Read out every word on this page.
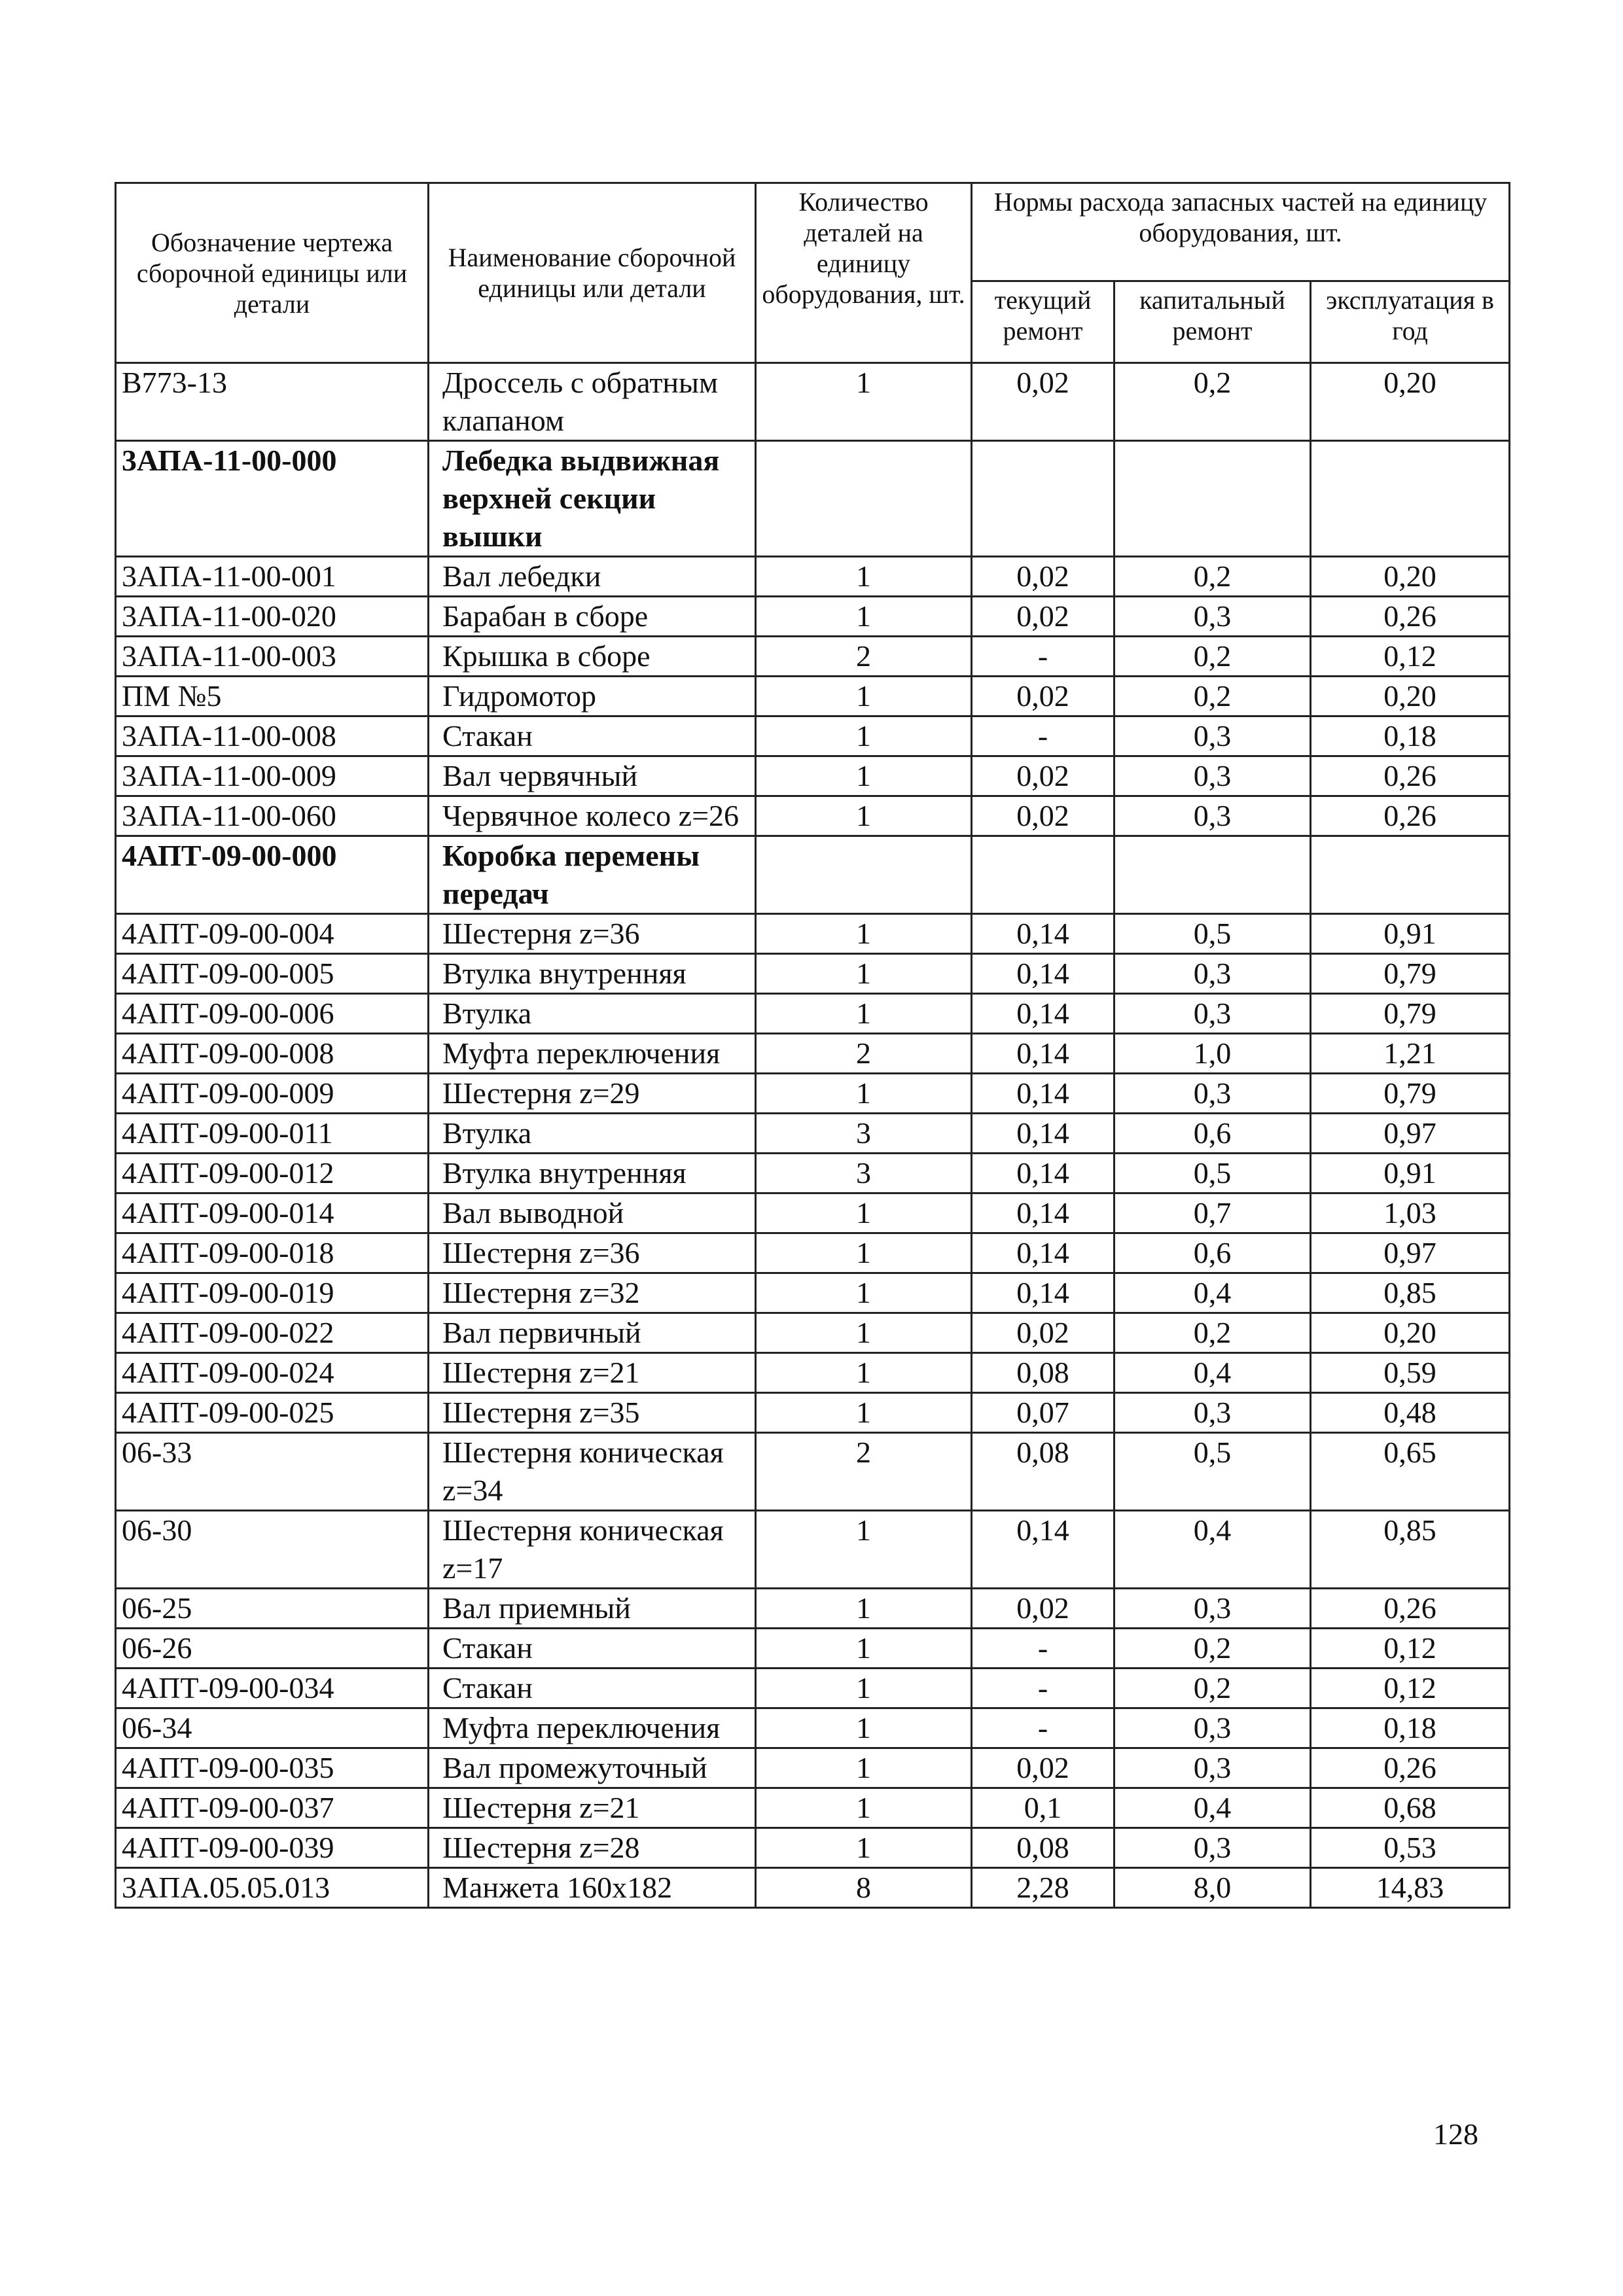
Обозначение чертежа сборочной единицы или детали	Наименование сборочной единицы или детали	Количество деталей на единицу оборудования, шт.	Нормы расхода запасных частей на единицу оборудования, шт.		
			текущий ремонт	капитальный ремонт	эксплуатация в год
В773-13	Дроссель с обратным клапаном	1	0,02	0,2	0,20
3АПА-11-00-000	Лебедка выдвижная верхней секции вышки				
3АПА-11-00-001	Вал лебедки	1	0,02	0,2	0,20
3АПА-11-00-020	Барабан в сборе	1	0,02	0,3	0,26
3АПА-11-00-003	Крышка в сборе	2	-	0,2	0,12
ПМ №5	Гидромотор	1	0,02	0,2	0,20
3АПА-11-00-008	Стакан	1	-	0,3	0,18
3АПА-11-00-009	Вал червячный	1	0,02	0,3	0,26
3АПА-11-00-060	Червячное колесо z=26	1	0,02	0,3	0,26
4АПТ-09-00-000	Коробка перемены передач				
4АПТ-09-00-004	Шестерня z=36	1	0,14	0,5	0,91
4АПТ-09-00-005	Втулка внутренняя	1	0,14	0,3	0,79
4АПТ-09-00-006	Втулка	1	0,14	0,3	0,79
4АПТ-09-00-008	Муфта переключения	2	0,14	1,0	1,21
4АПТ-09-00-009	Шестерня z=29	1	0,14	0,3	0,79
4АПТ-09-00-011	Втулка	3	0,14	0,6	0,97
4АПТ-09-00-012	Втулка внутренняя	3	0,14	0,5	0,91
4АПТ-09-00-014	Вал выводной	1	0,14	0,7	1,03
4АПТ-09-00-018	Шестерня z=36	1	0,14	0,6	0,97
4АПТ-09-00-019	Шестерня z=32	1	0,14	0,4	0,85
4АПТ-09-00-022	Вал первичный	1	0,02	0,2	0,20
4АПТ-09-00-024	Шестерня z=21	1	0,08	0,4	0,59
4АПТ-09-00-025	Шестерня z=35	1	0,07	0,3	0,48
06-33	Шестерня коническая z=34	2	0,08	0,5	0,65
06-30	Шестерня коническая z=17	1	0,14	0,4	0,85
06-25	Вал приемный	1	0,02	0,3	0,26
06-26	Стакан	1	-	0,2	0,12
4АПТ-09-00-034	Стакан	1	-	0,2	0,12
06-34	Муфта переключения	1	-	0,3	0,18
4АПТ-09-00-035	Вал промежуточный	1	0,02	0,3	0,26
4АПТ-09-00-037	Шестерня z=21	1	0,1	0,4	0,68
4АПТ-09-00-039	Шестерня z=28	1	0,08	0,3	0,53
3АПА.05.05.013	Манжета 160х182	8	2,28	8,0	14,83
128
